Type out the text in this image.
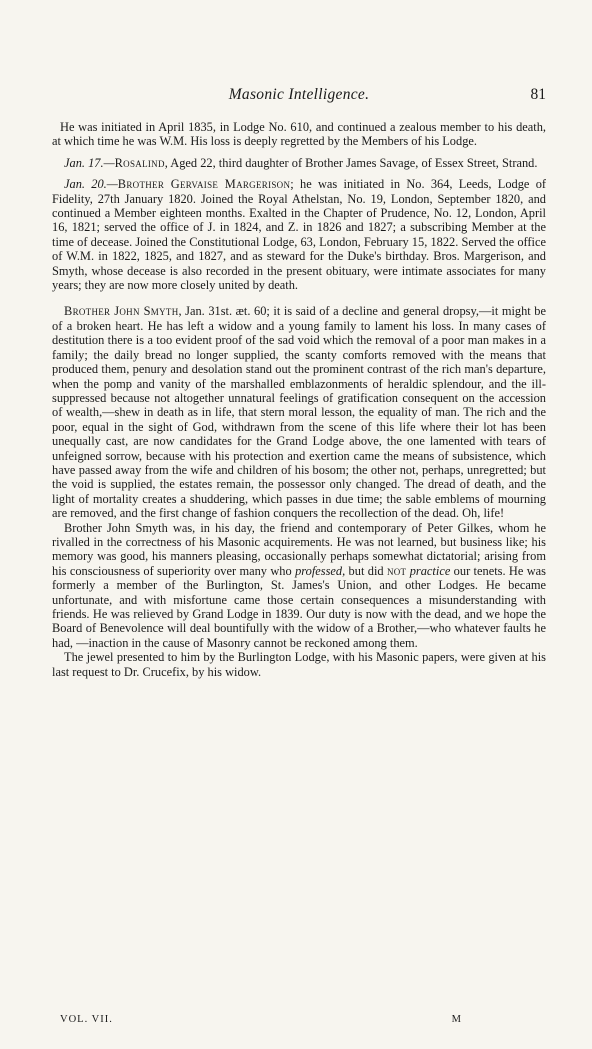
Masonic Intelligence.	81

He was initiated in April 1835, in Lodge No. 610, and continued a zealous member to his death, at which time he was W.M. His loss is deeply regretted by the Members of his Lodge.

Jan. 17.—Rosalind, Aged 22, third daughter of Brother James Savage, of Essex Street, Strand.

Jan. 20.—Brother Gervaise Margerison; he was initiated in No. 364, Leeds, Lodge of Fidelity, 27th January 1820. Joined the Royal Athelstan, No. 19, London, September 1820, and continued a Member eighteen months. Exalted in the Chapter of Prudence, No. 12, London, April 16, 1821; served the office of J. in 1824, and Z. in 1826 and 1827; a subscribing Member at the time of decease. Joined the Constitutional Lodge, 63, London, February 15, 1822. Served the office of W.M. in 1822, 1825, and 1827, and as steward for the Duke's birthday. Bros. Margerison, and Smyth, whose decease is also recorded in the present obituary, were intimate associates for many years; they are now more closely united by death.

Brother John Smyth, Jan. 31st. æt. 60; it is said of a decline and general dropsy,—it might be of a broken heart. He has left a widow and a young family to lament his loss. In many cases of destitution there is a too evident proof of the sad void which the removal of a poor man makes in a family; the daily bread no longer supplied, the scanty comforts removed with the means that produced them, penury and desolation stand out the prominent contrast of the rich man's departure, when the pomp and vanity of the marshalled emblazonments of heraldic splendour, and the ill-suppressed because not altogether unnatural feelings of gratification consequent on the accession of wealth,—shew in death as in life, that stern moral lesson, the equality of man. The rich and the poor, equal in the sight of God, withdrawn from the scene of this life where their lot has been unequally cast, are now candidates for the Grand Lodge above, the one lamented with tears of unfeigned sorrow, because with his protection and exertion came the means of subsistence, which have passed away from the wife and children of his bosom; the other not, perhaps, unregretted; but the void is supplied, the estates remain, the possessor only changed. The dread of death, and the light of mortality creates a shuddering, which passes in due time; the sable emblems of mourning are removed, and the first change of fashion conquers the recollection of the dead. Oh, life!

Brother John Smyth was, in his day, the friend and contemporary of Peter Gilkes, whom he rivalled in the correctness of his Masonic acquirements. He was not learned, but business like; his memory was good, his manners pleasing, occasionally perhaps somewhat dictatorial; arising from his consciousness of superiority over many who professed, but did not practice our tenets. He was formerly a member of the Burlington, St. James's Union, and other Lodges. He became unfortunate, and with misfortune came those certain consequences a misunderstanding with friends. He was relieved by Grand Lodge in 1839. Our duty is now with the dead, and we hope the Board of Benevolence will deal bountifully with the widow of a Brother,—who whatever faults he had, —inaction in the cause of Masonry cannot be reckoned among them.

The jewel presented to him by the Burlington Lodge, with his Masonic papers, were given at his last request to Dr. Crucefix, by his widow.

VOL. VII.	M
